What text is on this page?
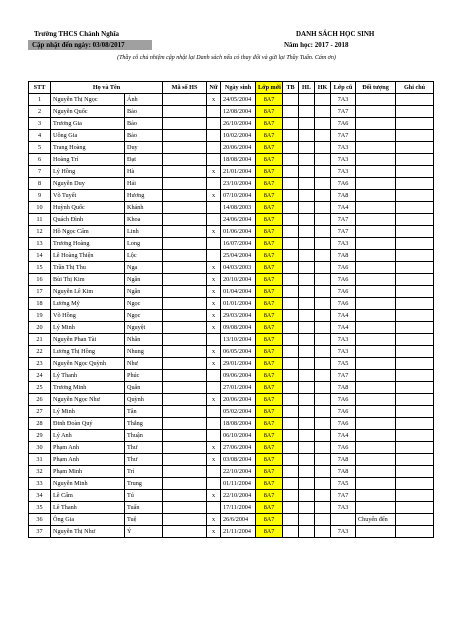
Trường THCS Chánh Nghĩa
Cập nhật đến ngày: 03/08/2017
DANH SÁCH HỌC SINH
Năm học: 2017 - 2018
(Thầy cô chủ nhiệm cập nhật lại Danh sách nếu có thay đổi và gửi lại Thầy Tuấn. Cám ơn)
STT	Họ và Tên		Mã số HS	Nữ	Ngày sinh	Lớp mới	TB	HL	HK	Lớp cũ	Đối tượng	Ghi chú
1	Nguyễn Thị Ngọc	Ánh		x	24/05/2004	8A7				7A3		
2	Nguyễn Quốc	Bảo			12/08/2004	8A7				7A7		
3	Trương Gia	Bảo			26/10/2004	8A7				7A6		
4	Uông Gia	Bảo			10/02/2004	8A7				7A7		
5	Trang Hoàng	Duy			20/06/2004	8A7				7A3		
6	Hoàng Trí	Đạt			18/08/2004	8A7				7A3		
7	Lý Hồng	Hà		x	21/01/2004	8A7				7A3		
8	Nguyễn Duy	Hải			23/10/2004	8A7				7A6		
9	Võ Tuyết	Hương		x	07/10/2004	8A7				7A8		
10	Huỳnh Quốc	Khánh			14/08/2003	8A7				7A4		
11	Quách Đình	Khoa			24/06/2004	8A7				7A7		
12	Hồ Ngọc Cẩm	Linh		x	01/06/2004	8A7				7A7		
13	Trương Hoàng	Long			16/07/2004	8A7				7A3		
14	Lê Hoàng Thiện	Lộc			25/04/2004	8A7				7A8		
15	Trần Thị Thu	Nga		x	04/03/2003	8A7				7A6		
16	Bùi Thị Kim	Ngân		x	20/10/2004	8A7				7A6		
17	Nguyễn Lê Kim	Ngân		x	01/04/2004	8A7				7A6		
18	Lương Mỹ	Ngọc		x	01/01/2004	8A7				7A6		
19	Võ Hồng	Ngọc		x	29/03/2004	8A7				7A4		
20	Lý Minh	Nguyệt		x	09/08/2004	8A7				7A4		
21	Nguyễn Phan Tài	Nhân			13/10/2004	8A7				7A3		
22	Lương Thị Hồng	Nhung		x	06/05/2004	8A7				7A3		
23	Nguyễn Ngọc Quỳnh	Như		x	29/01/2004	8A7				7A5		
24	Lý Thanh	Phúc			09/06/2004	8A7				7A7		
25	Trương Minh	Quân			27/01/2004	8A7				7A8		
26	Nguyễn Ngọc Như	Quỳnh		x	20/06/2004	8A7				7A6		
27	Lý Minh	Tân			05/02/2004	8A7				7A6		
28	Đinh Đoàn Quý	Thắng			18/08/2004	8A7				7A6		
29	Lý Anh	Thuận			06/10/2004	8A7				7A4		
30	Phạm Anh	Thư		x	27/06/2004	8A7				7A6		
31	Phạm Anh	Thư		x	03/08/2004	8A7				7A8		
32	Phạm Minh	Trí			22/10/2004	8A7				7A8		
33	Nguyễn Minh	Trung			01/11/2004	8A7				7A5		
34	Lê Cẩm	Tú		x	22/10/2004	8A7				7A7		
35	Lê Thanh	Tuấn			17/11/2004	8A7				7A3		
36	Ông Gia	Tuệ		x	26/6/2004	8A7					Chuyển đến	
37	Nguyễn Thị Như	Ý		x	21/11/2004	8A7				7A3		
